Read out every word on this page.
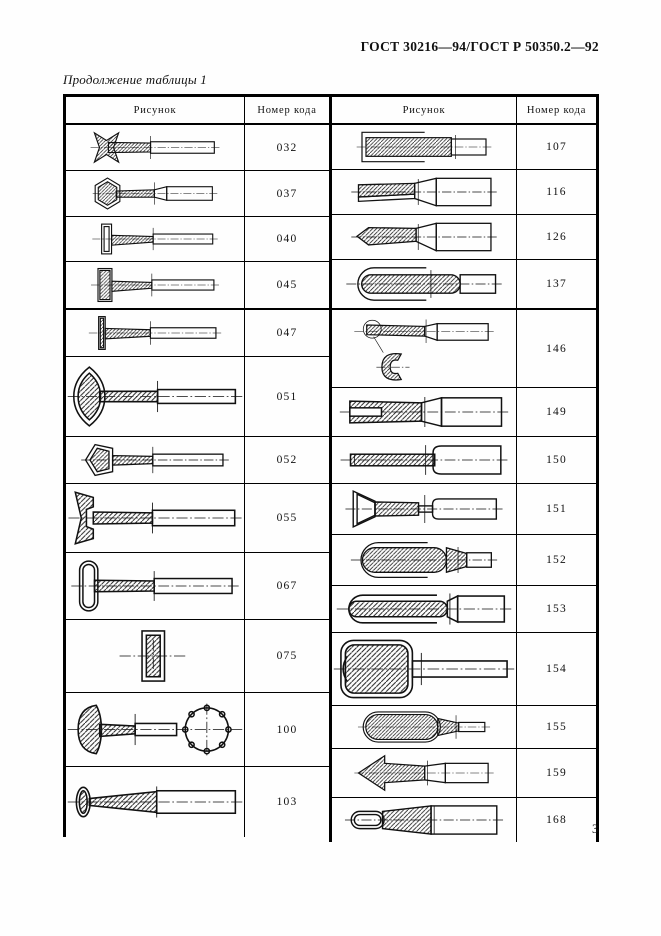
ГОСТ 30216—94/ГОСТ Р 50350.2—92
Продолжение таблицы 1
Рисунок	Номер кода
	032
	037
	040
	045
	047
	051
	052
	055
	067
	075
	100
	103
Рисунок	Номер кода
	107
	116
	126
	137
	146
	149
	150
	151
	152
	153
	154
	155
	159
	168
3
